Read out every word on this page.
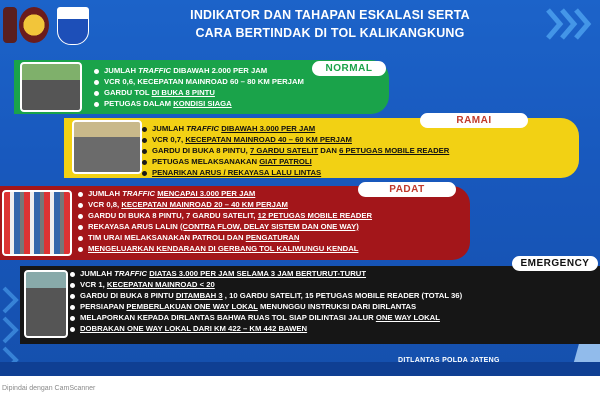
INDIKATOR DAN TAHAPAN ESKALASI SERTA
CARA BERTINDAK DI TOL KALIKANGKUNG
JUMLAH TRAFFIC DIBAWAH 2.000 PER JAM
VCR 0,6, KECEPATAN MAINROAD 60 – 80 KM PERJAM
GARDU TOL DI BUKA 8 PINTU
PETUGAS DALAM KONDISI SIAGA
NORMAL
JUMLAH TRAFFIC DIBAWAH 3.000 PER JAM
VCR 0,7, KECEPATAN MAINROAD 40 – 60 KM PERJAM
GARDU DI BUKA 8 PINTU, 7 GARDU SATELIT DAN 6 PETUGAS MOBILE READER
PETUGAS MELAKSANAKAN GIAT PATROLI
PENARIKAN ARUS / REKAYASA LALU LINTAS
RAMAI
JUMLAH TRAFFIC MENCAPAI 3.000 PER JAM
VCR 0,8, KECEPATAN MAINROAD 20 – 40 KM PERJAM
GARDU DI BUKA 8 PINTU, 7 GARDU SATELIT, 12 PETUGAS MOBILE READER
REKAYASA ARUS LALIN (CONTRA FLOW, DELAY SISTEM DAN ONE WAY)
TIM URAI MELAKSANAKAN PATROLI DAN PENGATURAN
MENGELUARKAN KENDARAAN DI GERBANG TOL KALIWUNGU KENDAL
PADAT
JUMLAH TRAFFIC DIATAS 3.000 PER JAM SELAMA 3 JAM BERTURUT-TURUT
VCR 1, KECEPATAN MAINROAD < 20
GARDU DI BUKA 8 PINTU DITAMBAH 3 , 10 GARDU SATELIT, 15 PETUGAS MOBILE READER (TOTAL 36)
PERSIAPAN PEMBERLAKUAN ONE WAY LOKAL MENUNGGU INSTRUKSI DARI DIRLANTAS
MELAPORKAN KEPADA DIRLANTAS BAHWA RUAS TOL SIAP DILINTASI JALUR ONE WAY LOKAL
DOBRAKAN ONE WAY LOKAL DARI KM 422 – KM 442 BAWEN
EMERGENCY
DITLANTAS POLDA JATENG
Dipindai dengan CamScanner
